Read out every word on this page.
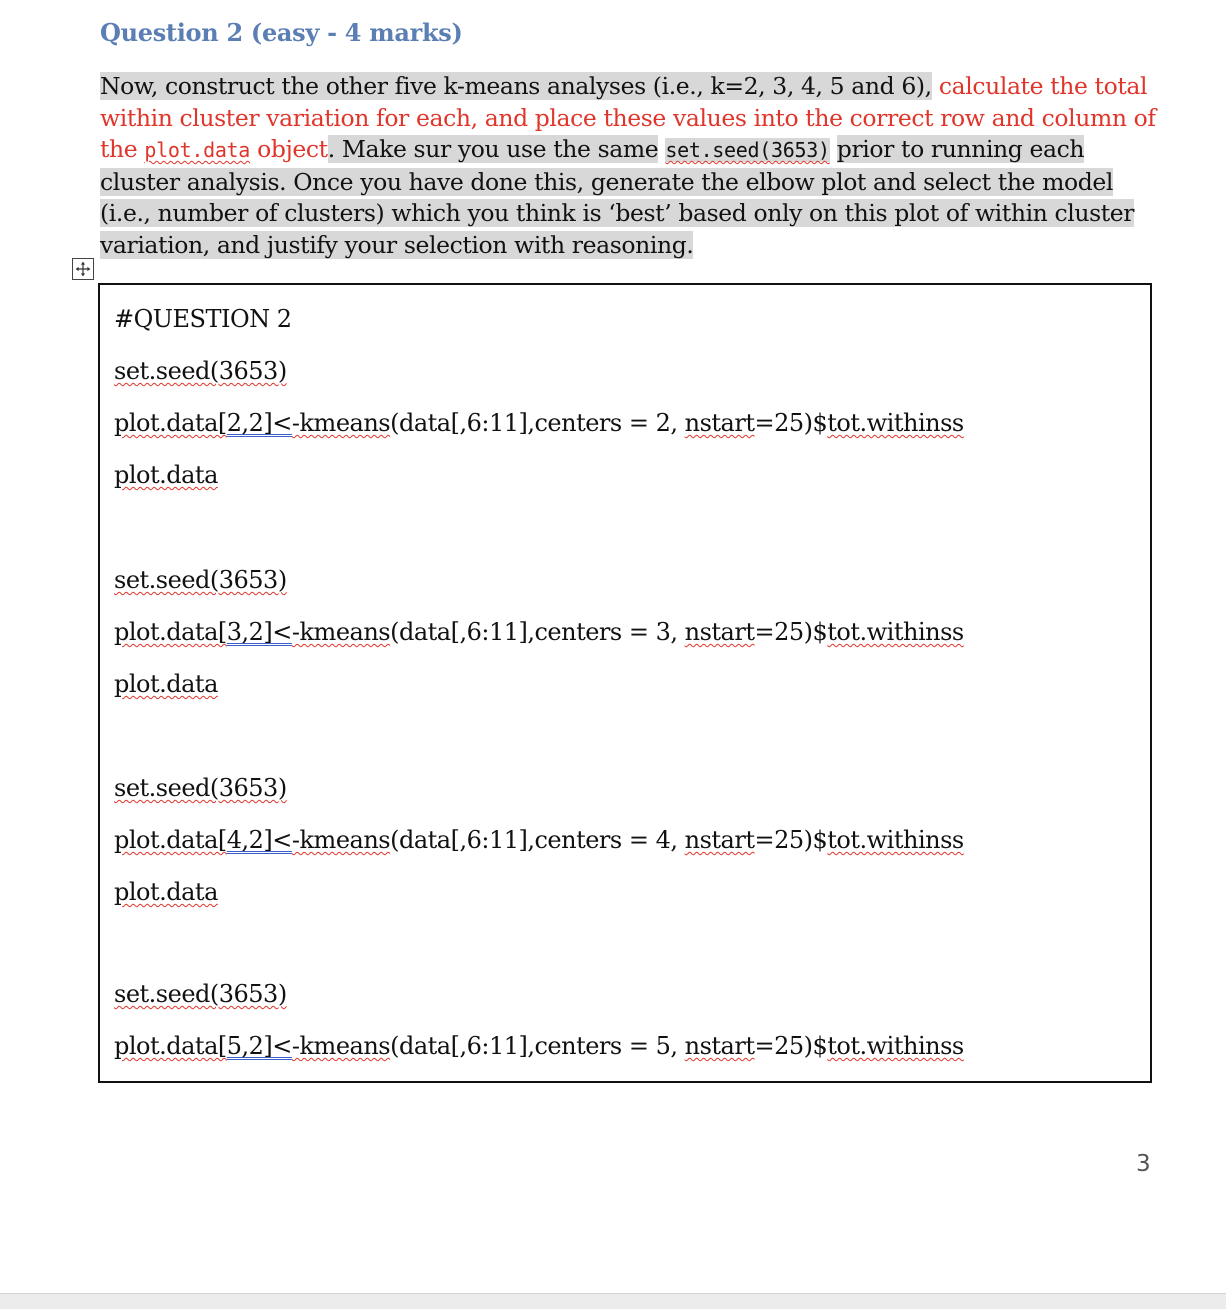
Question 2 (easy - 4 marks)
Now, construct the other five k-means analyses (i.e., k=2, 3, 4, 5 and 6), calculate the total within cluster variation for each, and place these values into the correct row and column of the plot.data object. Make sur you use the same set.seed(3653) prior to running each cluster analysis. Once you have done this, generate the elbow plot and select the model (i.e., number of clusters) which you think is ‘best’ based only on this plot of within cluster variation, and justify your selection with reasoning.

#QUESTION 2

set.seed(3653)

plot.data[2,2]<-kmeans(data[,6:11],centers = 2, nstart=25)$tot.withinss

plot.data

set.seed(3653)

plot.data[3,2]<-kmeans(data[,6:11],centers = 3, nstart=25)$tot.withinss

plot.data

set.seed(3653)

plot.data[4,2]<-kmeans(data[,6:11],centers = 4, nstart=25)$tot.withinss

plot.data

set.seed(3653)

plot.data[5,2]<-kmeans(data[,6:11],centers = 5, nstart=25)$tot.withinss

3
